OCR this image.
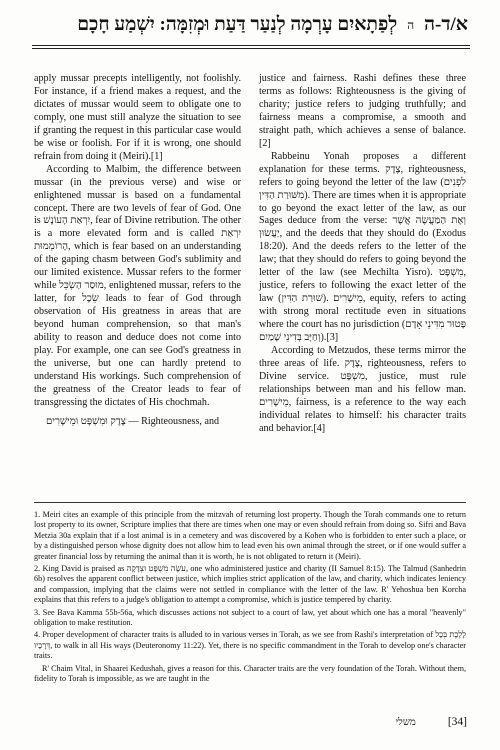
א/ד-ה
ה
לְפַתָאיִם עָרְמָה לְנַעַר דַּעַת וּמְזִמָּה: יִשְׁמַע חָכָם

apply mussar precepts intelligently, not foolishly. For instance, if a friend makes a request, and the dictates of mussar would seem to obligate one to comply, one must still analyze the situation to see if granting the request in this particular case would be wise or foolish. For if it is wrong, one should refrain from doing it (Meiri).[1]

According to Malbim, the difference between mussar (in the previous verse) and wise or enlightened mussar is based on a fundamental concept. There are two levels of fear of God. One is יִרְאַת הָעוֹנֶשׁ, fear of Divine retribution. The other is a more elevated form and is called יִרְאַת הָרוֹמְמוּת, which is fear based on an understanding of the gaping chasm between God's sublimity and our limited existence. Mussar refers to the former while מוּסַר הַשְׂכֵּל, enlightened mussar, refers to the latter, for שֵׂכֶל leads to fear of God through observation of His greatness in areas that are beyond human comprehension, so that man's ability to reason and deduce does not come into play. For example, one can see God's greatness in the universe, but one can hardly pretend to understand His workings. Such comprehension of the greatness of the Creator leads to fear of transgressing the dictates of His chochmah.

צֶדֶק וּמִשְׁפָּט וּמֵישָׁרִים — Righteousness, and

justice and fairness. Rashi defines these three terms as follows: Righteousness is the giving of charity; justice refers to judging truthfully; and fairness means a compromise, a smooth and straight path, which achieves a sense of balance.[2]

Rabbeinu Yonah proposes a different explanation for these terms. צֶדֶק, righteousness, refers to going beyond the letter of the law (לִפְנִים מִשּׁוּרַת הַדִּין). There are times when it is appropriate to go beyond the exact letter of the law, as our Sages deduce from the verse: וְאֶת הַמַּעֲשֶׂה אֲשֶׁר יַעֲשׂוּן, and the deeds that they should do (Exodus 18:20). And the deeds refers to the letter of the law; that they should do refers to going beyond the letter of the law (see Mechilta Yisro). מִשְׁפָּט, justice, refers to following the exact letter of the law (שׁוּרַת הַדִּין). מֵישָׁרִים, equity, refers to acting with strong moral rectitude even in situations where the court has no jurisdiction (פָּטוּר מִדִּינֵי אָדָם וְחַיָּב בְּדִינֵי שָׁמַיִם).[3]

According to Metzudos, these terms mirror the three areas of life. צֶדֶק, righteousness, refers to Divine service. מִשְׁפָּט, justice, must rule relationships between man and his fellow man. מֵישָׁרִים, fairness, is a reference to the way each individual relates to himself: his character traits and behavior.[4]

1. Meiri cites an example of this principle from the mitzvah of returning lost property. Though the Torah commands one to return lost property to its owner, Scripture implies that there are times when one may or even should refrain from doing so. Sifri and Bava Metzia 30a explain that if a lost animal is in a cemetery and was discovered by a Kohen who is forbidden to enter such a place, or by a distinguished person whose dignity does not allow him to lead even his own animal through the street, or if one would suffer a greater financial loss by returning the animal than it is worth, he is not obligated to return it (Meiri).

2. King David is praised as עֹשֶׂה מִשְׁפָּט וּצְדָקָה, one who administered justice and charity (II Samuel 8:15). The Talmud (Sanhedrin 6b) resolves the apparent conflict between justice, which implies strict application of the law, and charity, which indicates leniency and compassion, implying that the claims were not settled in compliance with the letter of the law. R' Yehoshua ben Korcha explains that this refers to a judge's obligation to attempt a compromise, which is justice tempered by charity.

3. See Bava Kamma 55b-56a, which discusses actions not subject to a court of law, yet about which one has a moral "heavenly" obligation to make restitution.

4. Proper development of character traits is alluded to in various verses in Torah, as we see from Rashi's interpretation of לָלֶכֶת בְּכָל דְּרָכָיו, to walk in all His ways (Deuteronomy 11:22). Yet, there is no specific commandment in the Torah to develop one's character traits.

R' Chaim Vital, in Shaarei Kedushah, gives a reason for this. Character traits are the very foundation of the Torah. Without them, fidelity to Torah is impossible, as we are taught in the

משלי	[34]
